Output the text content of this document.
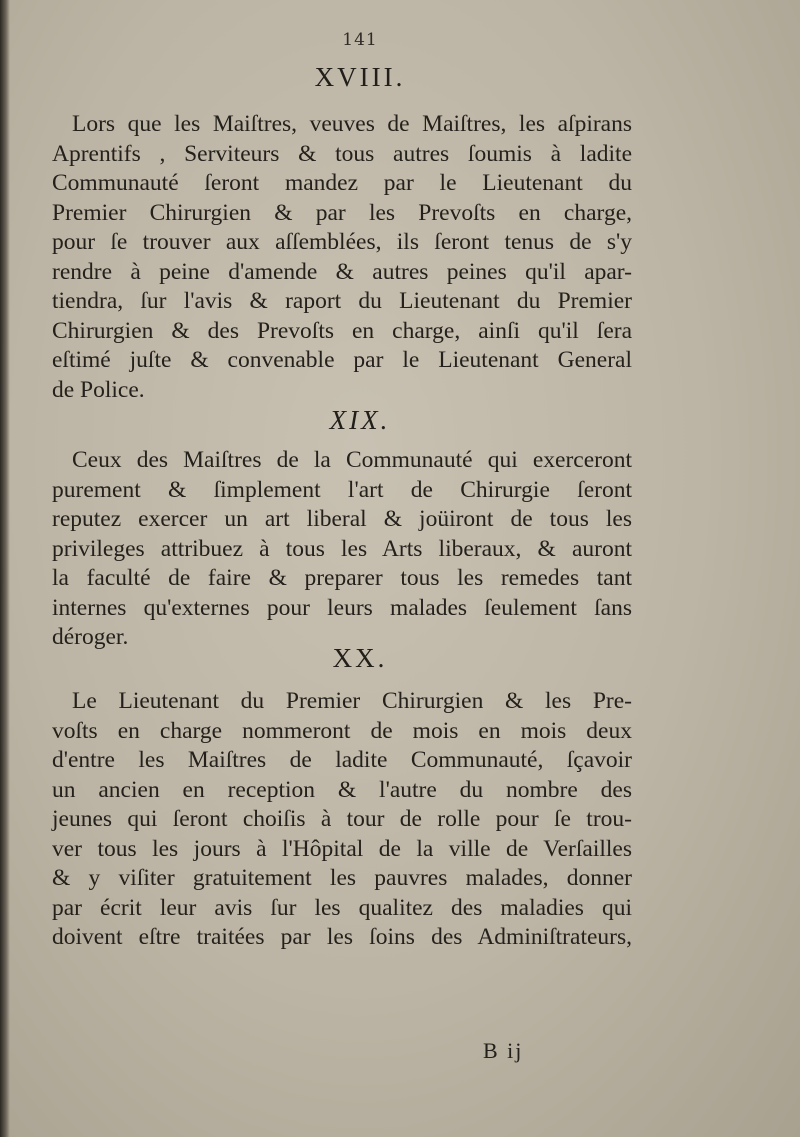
141
XVIII.
Lors que les Maiſtres, veuves de Maiſtres, les aſpirans
Aprentifs , Serviteurs & tous autres ſoumis à ladite
Communauté ſeront mandez par le Lieutenant du
Premier Chirurgien & par les Prevoſts en charge,
pour ſe trouver aux aſſemblées, ils ſeront tenus de s'y
rendre à peine d'amende & autres peines qu'il apar-
tiendra, ſur l'avis & raport du Lieutenant du Premier
Chirurgien & des Prevoſts en charge, ainſi qu'il ſera
eſtimé juſte & convenable par le Lieutenant General
de Police.
XIX.
Ceux des Maiſtres de la Communauté qui exerceront
purement & ſimplement l'art de Chirurgie ſeront
reputez exercer un art liberal & joüiront de tous les
privileges attribuez à tous les Arts liberaux, & auront
la faculté de faire & preparer tous les remedes tant
internes qu'externes pour leurs malades ſeulement ſans
déroger.
XX.
Le Lieutenant du Premier Chirurgien & les Pre-
voſts en charge nommeront de mois en mois deux
d'entre les Maiſtres de ladite Communauté, ſçavoir
un ancien en reception & l'autre du nombre des
jeunes qui ſeront choiſis à tour de rolle pour ſe trou-
ver tous les jours à l'Hôpital de la ville de Verſailles
& y viſiter gratuitement les pauvres malades, donner
par écrit leur avis ſur les qualitez des maladies qui
doivent eſtre traitées par les ſoins des Adminiſtrateurs,
B ij
